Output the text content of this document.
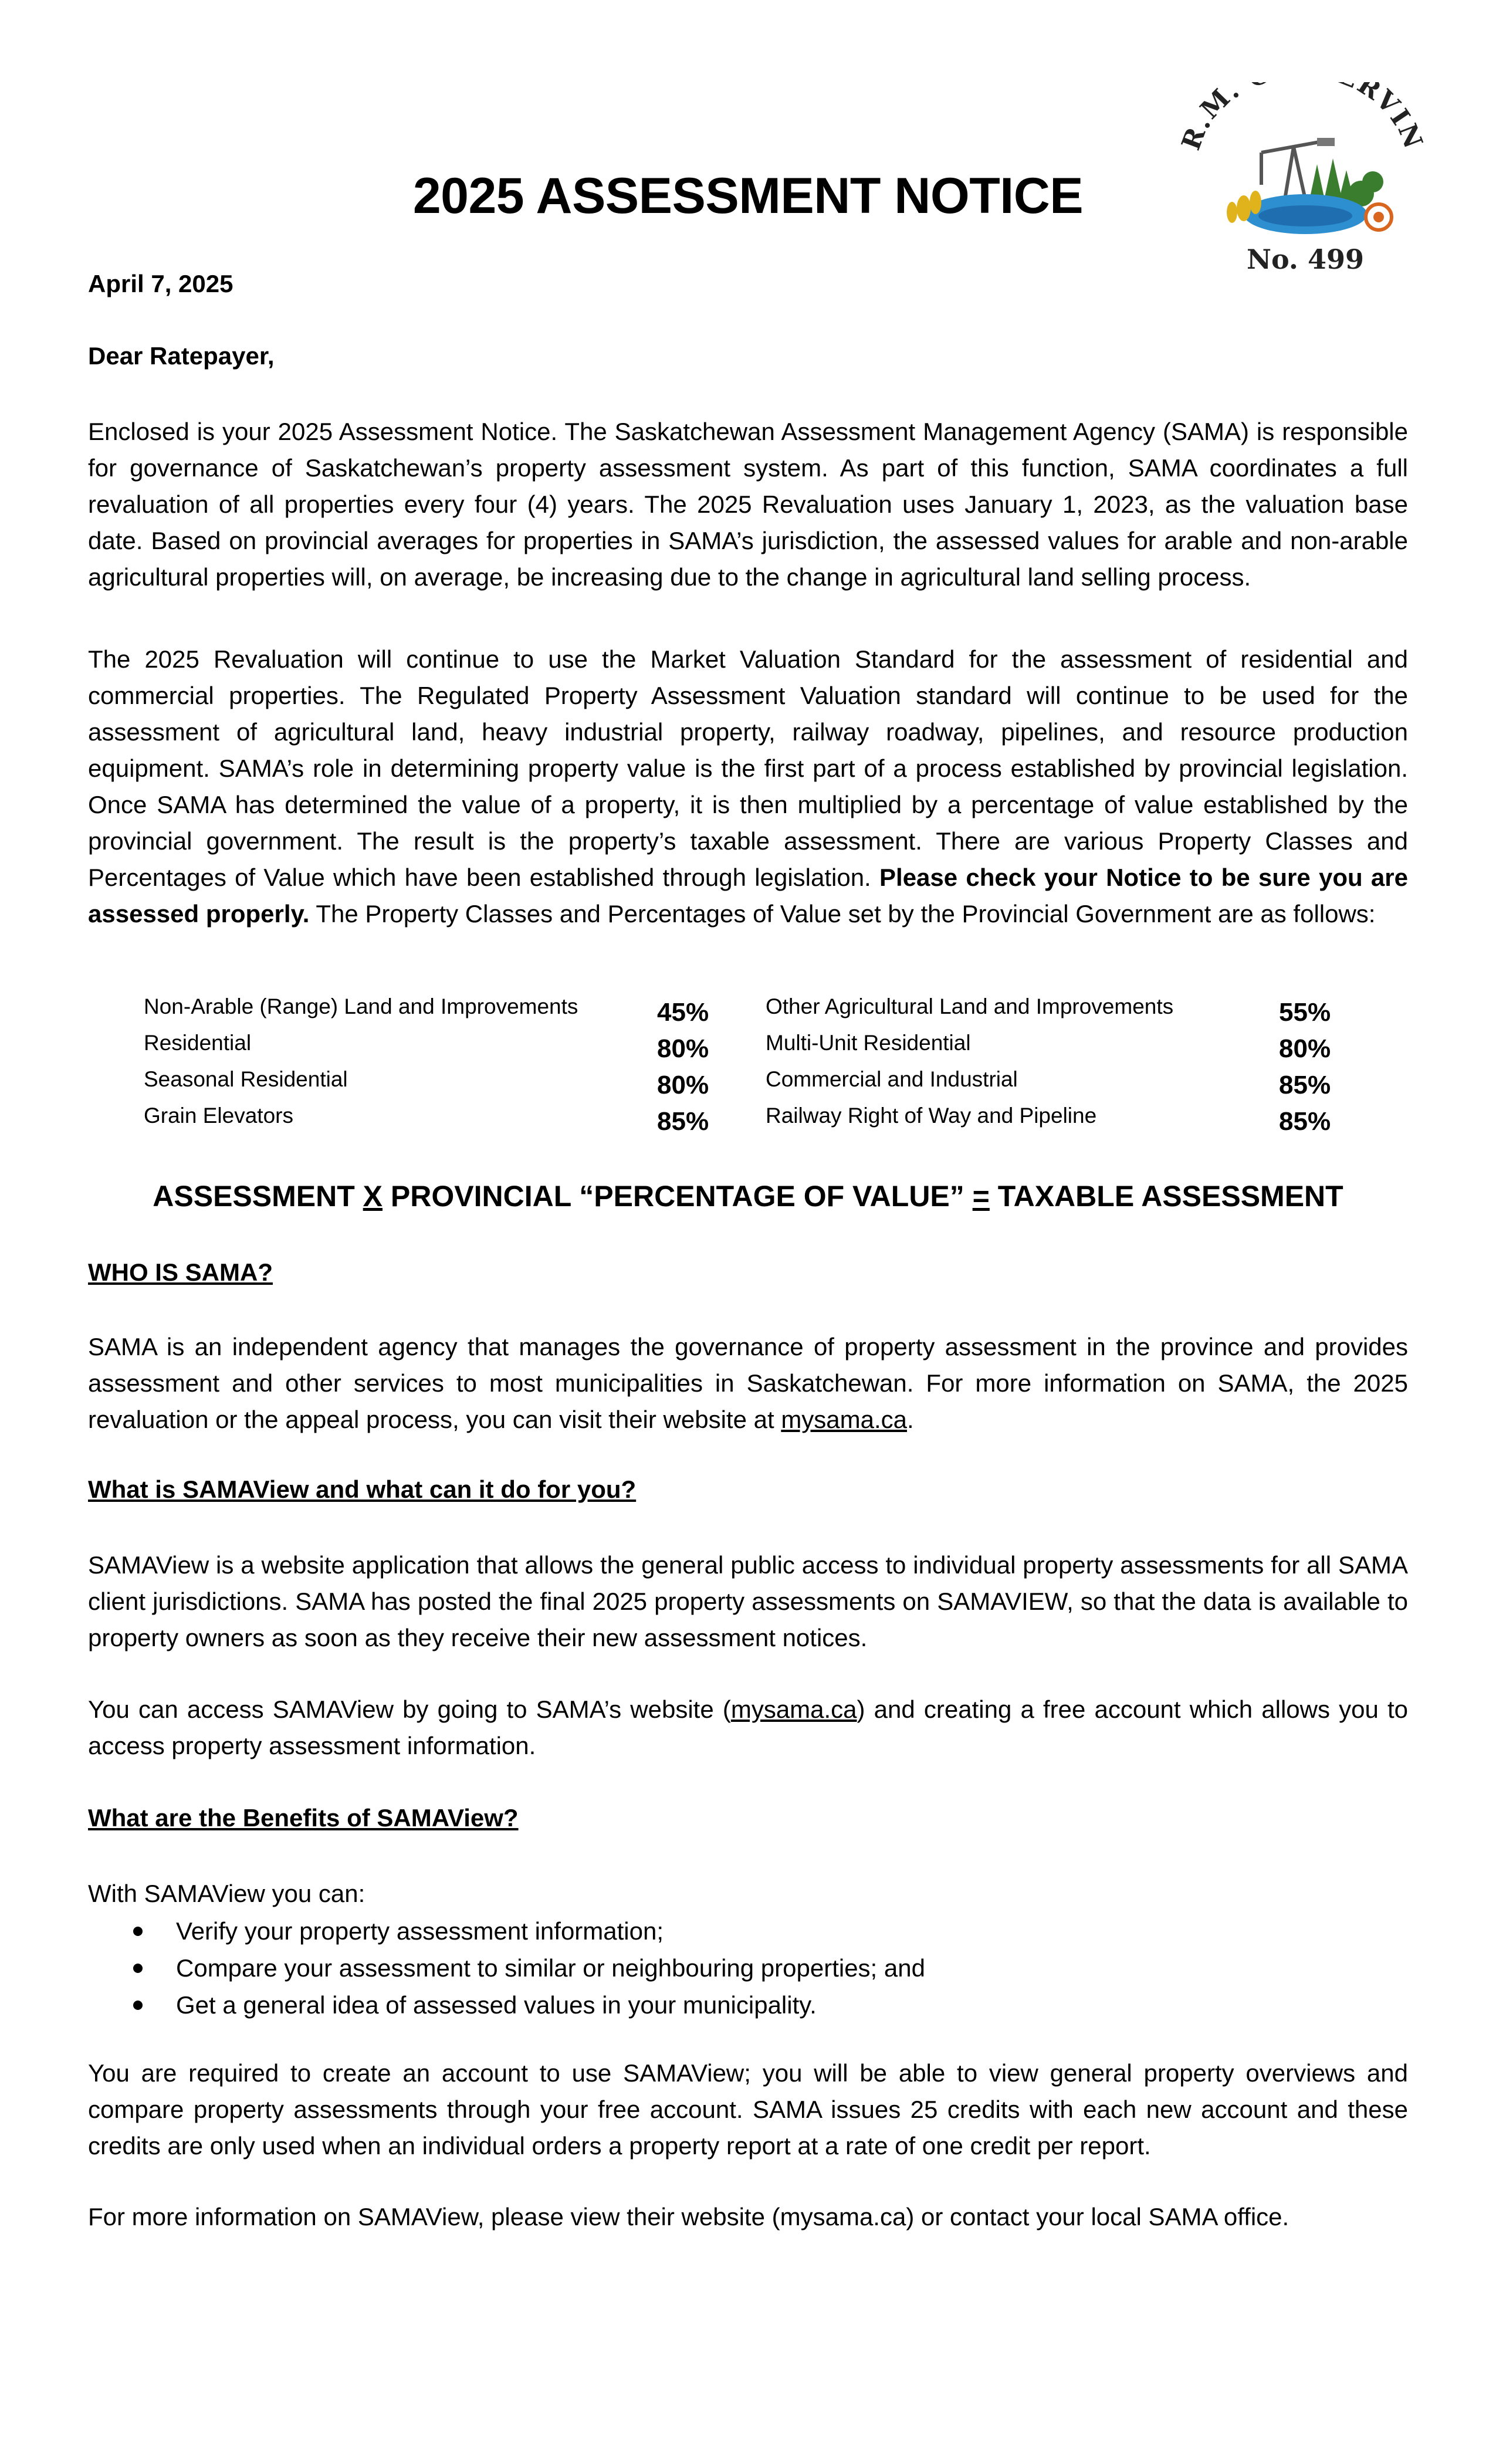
R.M. RVIN
No. 499
2025 ASSESSMENT NOTICE
April 7, 2025
Dear Ratepayer,
Enclosed is your 2025 Assessment Notice. The Saskatchewan Assessment Management Agency (SAMA) is responsible for governance of Saskatchewan’s property assessment system. As part of this function, SAMA coordinates a full revaluation of all properties every four (4) years. The 2025 Revaluation uses January 1, 2023, as the valuation base date. Based on provincial averages for properties in SAMA’s jurisdiction, the assessed values for arable and non-arable agricultural properties will, on average, be increasing due to the change in agricultural land selling process.
The 2025 Revaluation will continue to use the Market Valuation Standard for the assessment of residential and commercial properties. The Regulated Property Assessment Valuation standard will continue to be used for the assessment of agricultural land, heavy industrial property, railway roadway, pipelines, and resource production equipment. SAMA’s role in determining property value is the first part of a process established by provincial legislation. Once SAMA has determined the value of a property, it is then multiplied by a percentage of value established by the provincial government. The result is the property’s taxable assessment. There are various Property Classes and Percentages of Value which have been established through legislation. Please check your Notice to be sure you are assessed properly. The Property Classes and Percentages of Value set by the Provincial Government are as follows:
Non-Arable (Range) Land and Improvements	45%	Other Agricultural Land and Improvements	55%
Residential	80%	Multi-Unit Residential	80%
Seasonal Residential	80%	Commercial and Industrial	85%
Grain Elevators	85%	Railway Right of Way and Pipeline	85%
ASSESSMENT X PROVINCIAL “PERCENTAGE OF VALUE” = TAXABLE ASSESSMENT
WHO IS SAMA?
SAMA is an independent agency that manages the governance of property assessment in the province and provides assessment and other services to most municipalities in Saskatchewan. For more information on SAMA, the 2025 revaluation or the appeal process, you can visit their website at mysama.ca.
What is SAMAView and what can it do for you?
SAMAView is a website application that allows the general public access to individual property assessments for all SAMA client jurisdictions. SAMA has posted the final 2025 property assessments on SAMAVIEW, so that the data is available to property owners as soon as they receive their new assessment notices.
You can access SAMAView by going to SAMA’s website (mysama.ca) and creating a free account which allows you to access property assessment information.
What are the Benefits of SAMAView?
With SAMAView you can:
Verify your property assessment information;
Compare your assessment to similar or neighbouring properties; and
Get a general idea of assessed values in your municipality.
You are required to create an account to use SAMAView; you will be able to view general property overviews and compare property assessments through your free account. SAMA issues 25 credits with each new account and these credits are only used when an individual orders a property report at a rate of one credit per report.
For more information on SAMAView, please view their website (mysama.ca) or contact your local SAMA office.
